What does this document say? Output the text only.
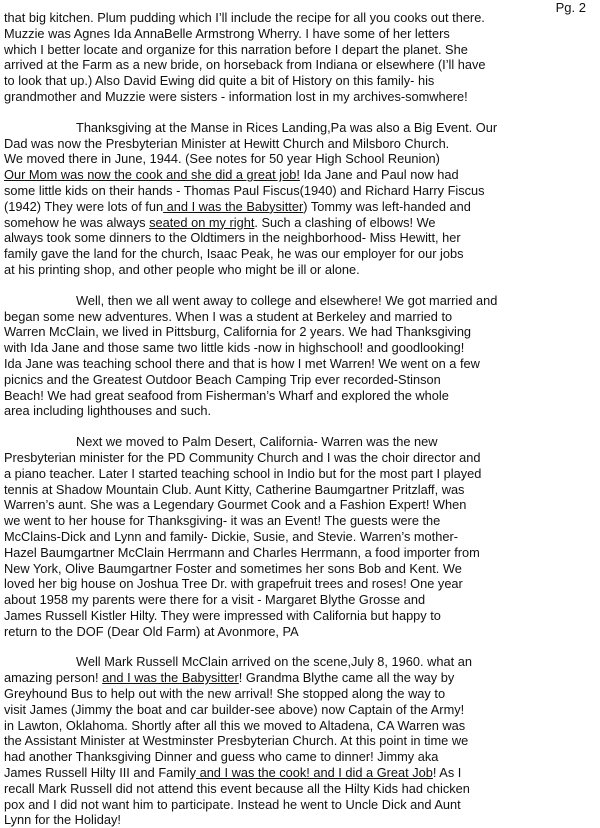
Pg. 2

that big kitchen. Plum pudding which I’ll include the recipe for all you cooks out there.
Muzzie was Agnes Ida AnnaBelle Armstrong Wherry. I have some of her letters
which I better locate and organize for this narration before I depart the planet. She
arrived at the Farm as a new bride, on horseback from Indiana or elsewhere (I’ll have
to look that up.) Also David Ewing did quite a bit of History on this family- his
grandmother and Muzzie were sisters - information lost in my archives-somwhere!
Thanksgiving at the Manse in Rices Landing,Pa was also a Big Event. Our
Dad was now the Presbyterian Minister at Hewitt Church and Milsboro Church.
We moved there in June, 1944. (See notes for 50 year High School Reunion)
Our Mom was now the cook and she did a great job! Ida Jane and Paul now had
some little kids on their hands - Thomas Paul Fiscus(1940) and Richard Harry Fiscus
(1942) They were lots of fun and I was the Babysitter) Tommy was left-handed and
somehow he was always seated on my right. Such a clashing of elbows! We
always took some dinners to the Oldtimers in the neighborhood- Miss Hewitt, her
family gave the land for the church, Isaac Peak, he was our employer for our jobs
at his printing shop, and other people who might be ill or alone.
Well, then we all went away to college and elsewhere! We got married and
began some new adventures. When I was a student at Berkeley and married to
Warren McClain, we lived in Pittsburg, California for 2 years. We had Thanksgiving
with Ida Jane and those same two little kids -now in highschool! and goodlooking!
Ida Jane was teaching school there and that is how I met Warren! We went on a few
picnics and the Greatest Outdoor Beach Camping Trip ever recorded-Stinson
Beach! We had great seafood from Fisherman’s Wharf and explored the whole
area including lighthouses and such.
Next we moved to Palm Desert, California- Warren was the new
Presbyterian minister for the PD Community Church and I was the choir director and
a piano teacher. Later I started teaching school in Indio but for the most part I played
tennis at Shadow Mountain Club. Aunt Kitty, Catherine Baumgartner Pritzlaff, was
Warren’s aunt. She was a Legendary Gourmet Cook and a Fashion Expert! When
we went to her house for Thanksgiving- it was an Event! The guests were the
McClains-Dick and Lynn and family- Dickie, Susie, and Stevie. Warren’s mother-
Hazel Baumgartner McClain Herrmann and Charles Herrmann, a food importer from
New York, Olive Baumgartner Foster and sometimes her sons Bob and Kent. We
loved her big house on Joshua Tree Dr. with grapefruit trees and roses! One year
about 1958 my parents were there for a visit - Margaret Blythe Grosse and
James Russell Kistler Hilty. They were impressed with California but happy to
return to the DOF (Dear Old Farm) at Avonmore, PA
Well Mark Russell McClain arrived on the scene,July 8, 1960. what an
amazing person! and I was the Babysitter! Grandma Blythe came all the way by
Greyhound Bus to help out with the new arrival! She stopped along the way to
visit James (Jimmy the boat and car builder-see above) now Captain of the Army!
in Lawton, Oklahoma. Shortly after all this we moved to Altadena, CA Warren was
the Assistant Minister at Westminster Presbyterian Church. At this point in time we
had another Thanksgiving Dinner and guess who came to dinner! Jimmy aka
James Russell Hilty III and Family and I was the cook! and I did a Great Job! As I
recall Mark Russell did not attend this event because all the Hilty Kids had chicken
pox and I did not want him to participate. Instead he went to Uncle Dick and Aunt
Lynn for the Holiday!
